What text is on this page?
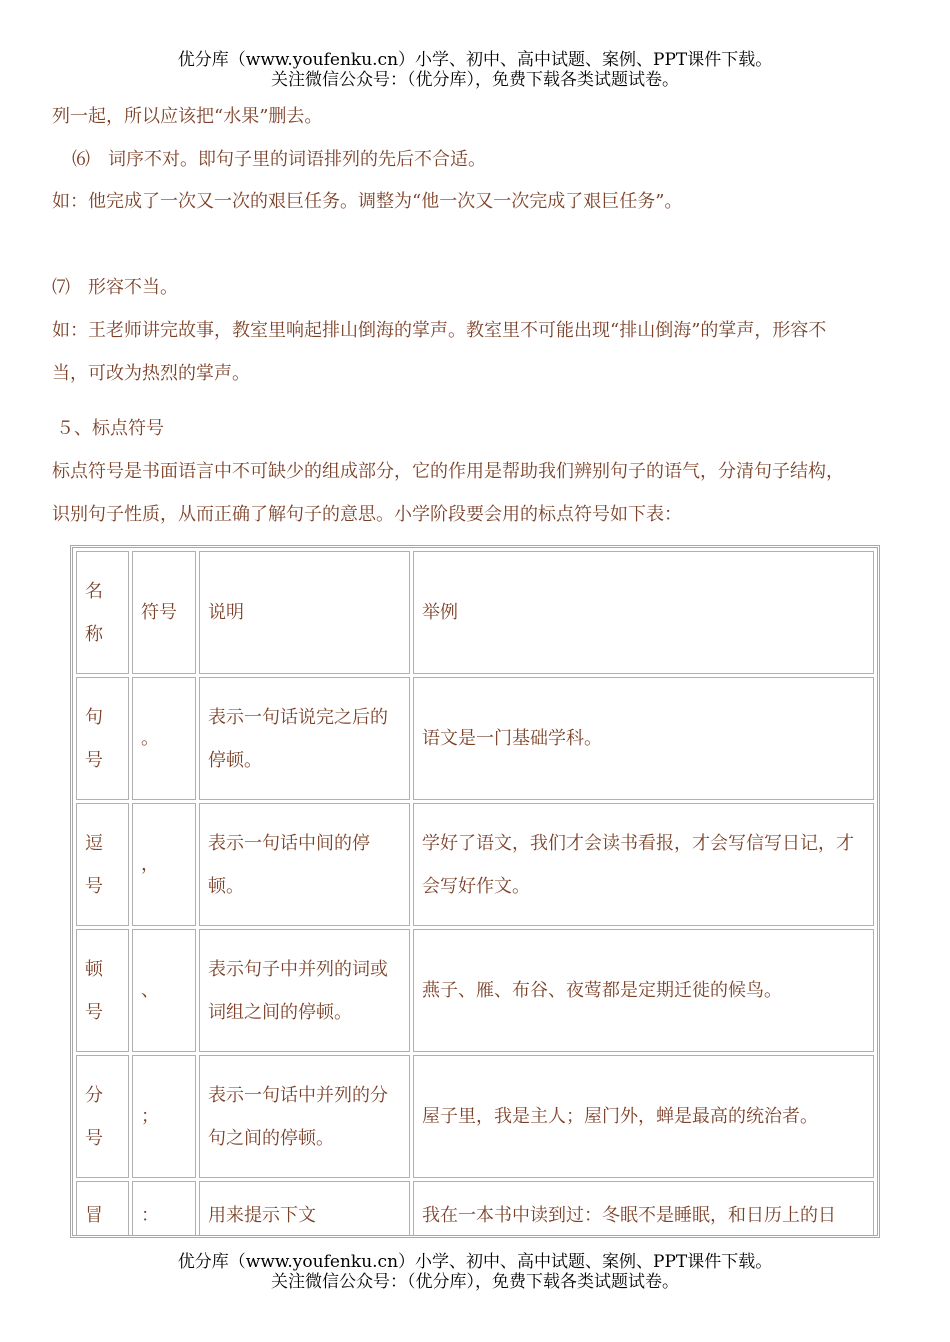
优分库（www.youfenku.cn）小学、初中、高中试题、案例、PPT课件下载。
关注微信公众号：（优分库），免费下载各类试题试卷。
列一起，所以应该把“水果”删去。
⑹　词序不对。即句子里的词语排列的先后不合适。
如：他完成了一次又一次的艰巨任务。调整为“他一次又一次完成了艰巨任务”。
⑺　形容不当。
如：王老师讲完故事，教室里响起排山倒海的掌声。教室里不可能出现“排山倒海”的掌声，形容不
当，可改为热烈的掌声。
５、标点符号
标点符号是书面语言中不可缺少的组成部分，它的作用是帮助我们辨别句子的语气，分清句子结构，
识别句子性质，从而正确了解句子的意思。小学阶段要会用的标点符号如下表：
名称	符号	说明	举例
句号	。	表示一句话说完之后的停顿。	语文是一门基础学科。
逗号	，	表示一句话中间的停顿。	学好了语文，我们才会读书看报，才会写信写日记，才会写好作文。
顿号	、	表示句子中并列的词或词组之间的停顿。	燕子、雁、布谷、夜莺都是定期迁徙的候鸟。
分号	；	表示一句话中并列的分句之间的停顿。	屋子里，我是主人；屋门外，蝉是最高的统治者。
冒	：	用来提示下文	我在一本书中读到过：冬眠不是睡眠，和日历上的日
优分库（www.youfenku.cn）小学、初中、高中试题、案例、PPT课件下载。
关注微信公众号：（优分库），免费下载各类试题试卷。
